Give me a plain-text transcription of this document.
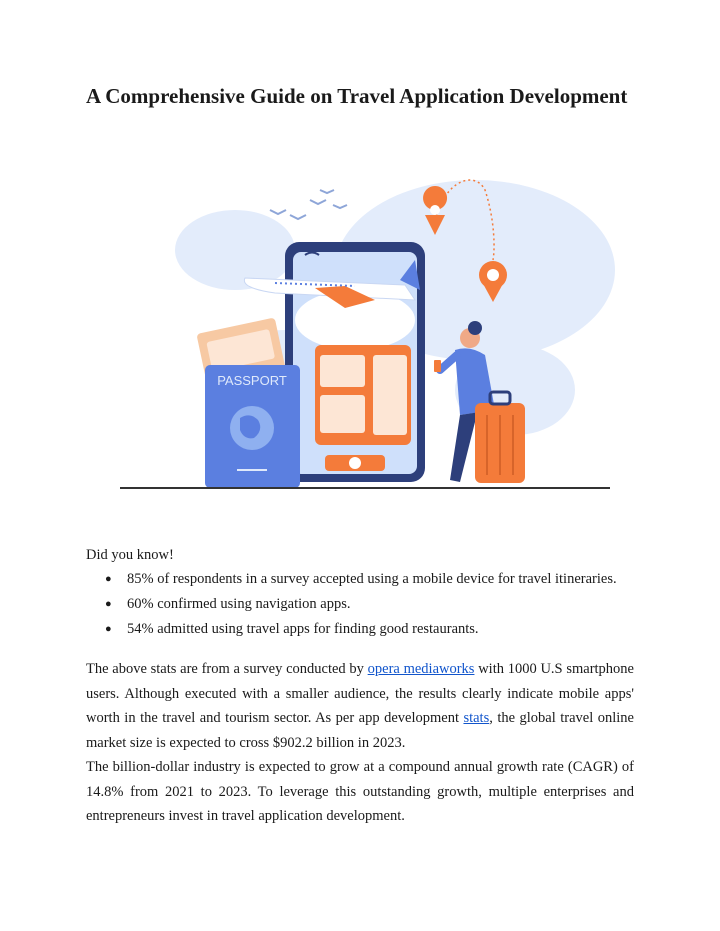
A Comprehensive Guide on Travel Application Development
PASSPORT

Did you know!

● 85% of respondents in a survey accepted using a mobile device for travel itineraries.
● 60% confirmed using navigation apps.
● 54% admitted using travel apps for finding good restaurants.

The above stats are from a survey conducted by opera mediaworks with 1000 U.S smartphone users. Although executed with a smaller audience, the results clearly indicate mobile apps' worth in the travel and tourism sector. As per app development stats, the global travel online market size is expected to cross $902.2 billion in 2023.

The billion-dollar industry is expected to grow at a compound annual growth rate (CAGR) of 14.8% from 2021 to 2023. To leverage this outstanding growth, multiple enterprises and entrepreneurs invest in travel application development.
